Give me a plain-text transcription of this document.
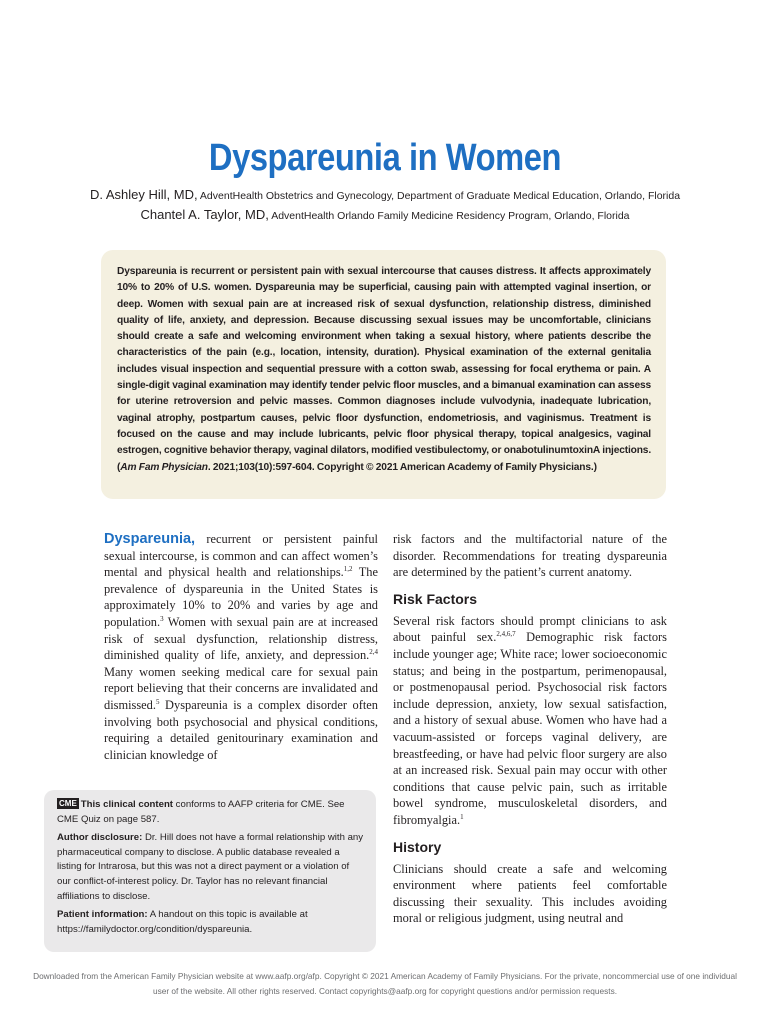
Dyspareunia in Women
D. Ashley Hill, MD, AdventHealth Obstetrics and Gynecology, Department of Graduate Medical Education, Orlando, Florida
Chantel A. Taylor, MD, AdventHealth Orlando Family Medicine Residency Program, Orlando, Florida

Dyspareunia is recurrent or persistent pain with sexual intercourse that causes distress. It affects approximately 10% to 20% of U.S. women. Dyspareunia may be superficial, causing pain with attempted vaginal insertion, or deep. Women with sexual pain are at increased risk of sexual dysfunction, relationship distress, diminished quality of life, anxiety, and depression. Because discussing sexual issues may be uncomfortable, clinicians should create a safe and welcoming environment when taking a sexual history, where patients describe the characteristics of the pain (e.g., location, intensity, duration). Physical examination of the external genitalia includes visual inspection and sequential pressure with a cotton swab, assessing for focal erythema or pain. A single-digit vaginal examination may identify tender pelvic floor muscles, and a bimanual examination can assess for uterine retroversion and pelvic masses. Common diagnoses include vulvodynia, inadequate lubrication, vaginal atrophy, postpartum causes, pelvic floor dysfunction, endometriosis, and vaginismus. Treatment is focused on the cause and may include lubricants, pelvic floor physical therapy, topical analgesics, vaginal estrogen, cognitive behavior therapy, vaginal dilators, modified vestibulectomy, or onabotulinumtoxinA injections. (Am Fam Physician. 2021;103(10):597-604. Copyright © 2021 American Academy of Family Physicians.)

Dyspareunia, recurrent or persistent painful sexual intercourse, is common and can affect women’s mental and physical health and relationships.$^{1,2}$ The prevalence of dyspareunia in the United States is approximately 10% to 20% and varies by age and population.$^3$ Women with sexual pain are at increased risk of sexual dysfunction, relationship distress, diminished quality of life, anxiety, and depression.$^{2,4}$ Many women seeking medical care for sexual pain report believing that their concerns are invalidated and dismissed.$^5$ Dyspareunia is a complex disorder often involving both psychosocial and physical conditions, requiring a detailed genitourinary examination and clinician knowledge of

risk factors and the multifactorial nature of the disorder. Recommendations for treating dyspareunia are determined by the patient’s current anatomy.

Risk Factors

Several risk factors should prompt clinicians to ask about painful sex.$^{2,4,6,7}$ Demographic risk factors include younger age; White race; lower socioeconomic status; and being in the postpartum, perimenopausal, or postmenopausal period. Psychosocial risk factors include depression, anxiety, low sexual satisfaction, and a history of sexual abuse. Women who have had a vacuum-assisted or forceps vaginal delivery, are breastfeeding, or have had pelvic floor surgery are also at an increased risk. Sexual pain may occur with other conditions that cause pelvic pain, such as irritable bowel syndrome, musculoskeletal disorders, and fibromyalgia.$^1$

History

Clinicians should create a safe and welcoming environment where patients feel comfortable discussing their sexuality. This includes avoiding moral or religious judgment, using neutral and

CME This clinical content conforms to AAFP criteria for CME. See CME Quiz on page 587.

Author disclosure: Dr. Hill does not have a formal relationship with any pharmaceutical company to disclose. A public database revealed a listing for Intrarosa, but this was not a direct payment or a violation of our conflict-of-interest policy. Dr. Taylor has no relevant financial affiliations to disclose.

Patient information: A handout on this topic is available at https://familydoctor.org/condition/dyspareunia.

Downloaded from the American Family Physician website at www.aafp.org/afp. Copyright © 2021 American Academy of Family Physicians. For the private, noncommercial use of one individual user of the website. All other rights reserved. Contact copyrights@aafp.org for copyright questions and/or permission requests.
